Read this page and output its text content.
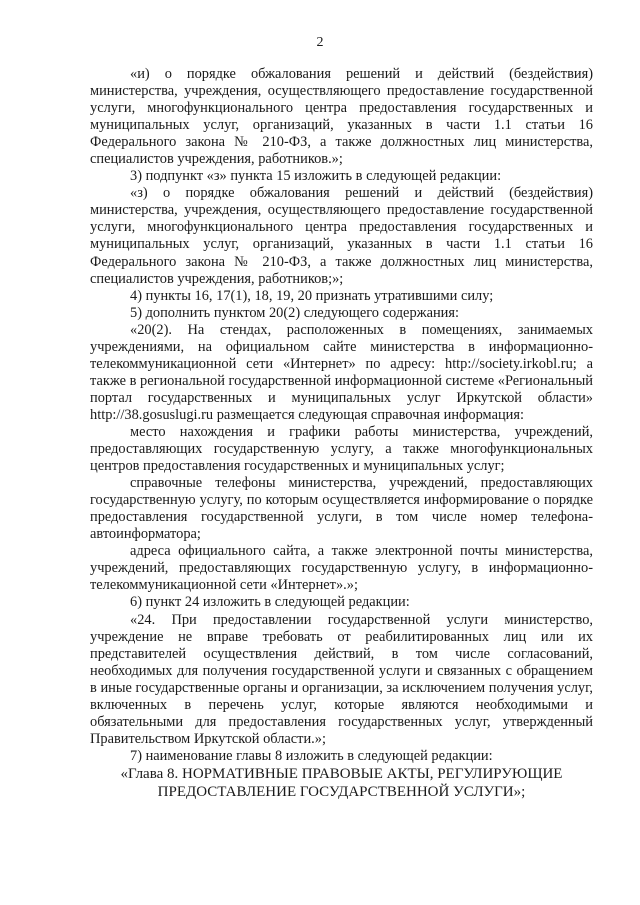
2

«и) о порядке обжалования решений и действий (бездействия) министерства, учреждения, осуществляющего предоставление государственной услуги, многофункционального центра предоставления государственных и муниципальных услуг, организаций, указанных в части 1.1 статьи 16 Федерального закона № 210-ФЗ, а также должностных лиц министерства, специалистов учреждения, работников.»;

3) подпункт «з» пункта 15 изложить в следующей редакции:

«з) о порядке обжалования решений и действий (бездействия) министерства, учреждения, осуществляющего предоставление государственной услуги, многофункционального центра предоставления государственных и муниципальных услуг, организаций, указанных в части 1.1 статьи 16 Федерального закона № 210-ФЗ, а также должностных лиц министерства, специалистов учреждения, работников;»;

4) пункты 16, 17(1), 18, 19, 20 признать утратившими силу;

5) дополнить пунктом 20(2) следующего содержания:

«20(2). На стендах, расположенных в помещениях, занимаемых учреждениями, на официальном сайте министерства в информационно-телекоммуникационной сети «Интернет» по адресу: http://society.irkobl.ru; а также в региональной государственной информационной системе «Региональный портал государственных и муниципальных услуг Иркутской области» http://38.gosuslugi.ru размещается следующая справочная информация:

место нахождения и графики работы министерства, учреждений, предоставляющих государственную услугу, а также многофункциональных центров предоставления государственных и муниципальных услуг;

справочные телефоны министерства, учреждений, предоставляющих государственную услугу, по которым осуществляется информирование о порядке предоставления государственной услуги, в том числе номер телефона-автоинформатора;

адреса официального сайта, а также электронной почты министерства, учреждений, предоставляющих государственную услугу, в информационно-телекоммуникационной сети «Интернет».»;

6) пункт 24 изложить в следующей редакции:

«24. При предоставлении государственной услуги министерство, учреждение не вправе требовать от реабилитированных лиц или их представителей осуществления действий, в том числе согласований, необходимых для получения государственной услуги и связанных с обращением в иные государственные органы и организации, за исключением получения услуг, включенных в перечень услуг, которые являются необходимыми и обязательными для предоставления государственных услуг, утвержденный Правительством Иркутской области.»;

7) наименование главы 8 изложить в следующей редакции:

«Глава 8. НОРМАТИВНЫЕ ПРАВОВЫЕ АКТЫ, РЕГУЛИРУЮЩИЕ ПРЕДОСТАВЛЕНИЕ ГОСУДАРСТВЕННОЙ УСЛУГИ»;
